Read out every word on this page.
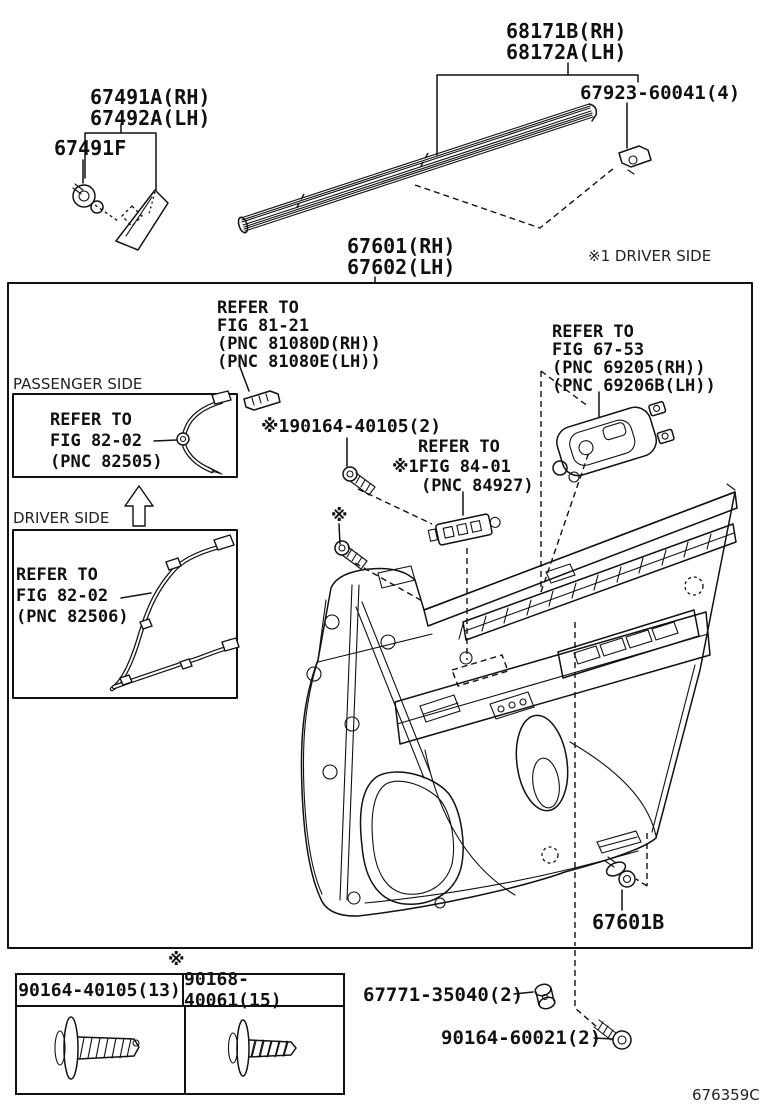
68171B(RH)
68172A(LH)
67923-60041(4)
67491A(RH)
67492A(LH)
67491F
67601(RH)
67602(LH)	※1 DRIVER SIDE
REFER TO
FIG 81-21
(PNC 81080D(RH))
(PNC 81080E(LH))
REFER TO
FIG 67-53
(PNC 69205(RH))
(PNC 69206B(LH))
PASSENGER SIDE
REFER TO
FIG 82-02
(PNC 82505)
DRIVER SIDE
REFER TO
FIG 82-02
(PNC 82506)
※190164-40105(2)
REFER TO
※1FIG 84-01
(PNC 84927)
※
67601B
※
90164-40105(13) 90168-40061(15)	67771-35040(2)
90164-60021(2)
676359C
